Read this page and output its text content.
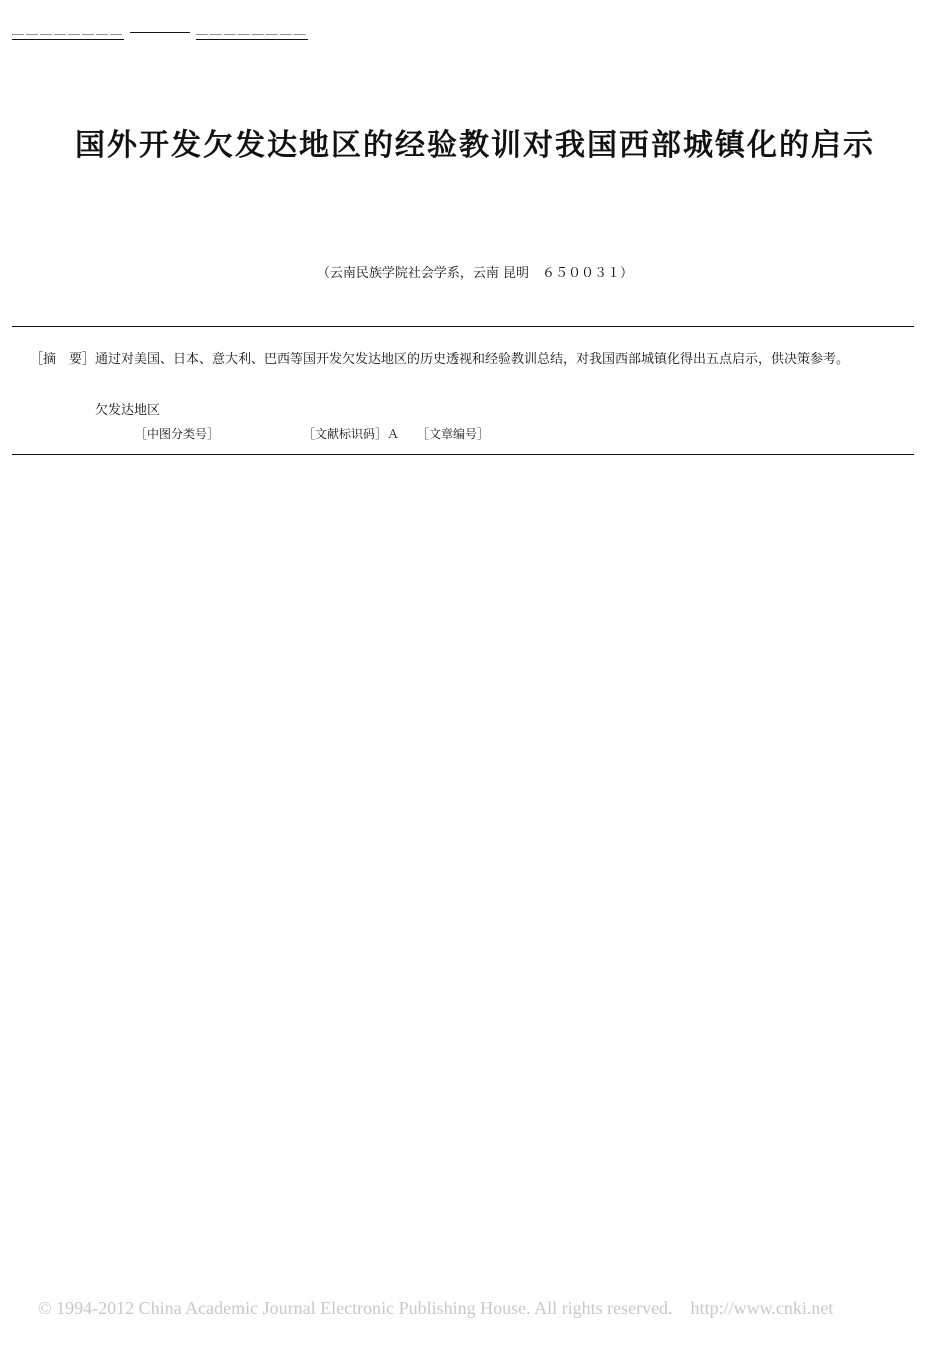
＿＿＿＿＿＿＿＿	＿＿＿＿＿＿＿＿
国外开发欠发达地区的经验教训对我国西部城镇化的启示
（云南民族学院社会学系，云南 昆明　６５００３１）
［摘　要］通过对美国、日本、意大利、巴西等国开发欠发达地区的历史透视和经验教训总结，对我国西部城镇化得出五点启示，供决策参考。
欠发达地区
［中图分类号］　　　　　　　　［文献标识码］Ａ　　［文章编号］　　　　　

© 1994-2012 China Academic Journal Electronic Publishing House. All rights reserved.    http://www.cnki.net
